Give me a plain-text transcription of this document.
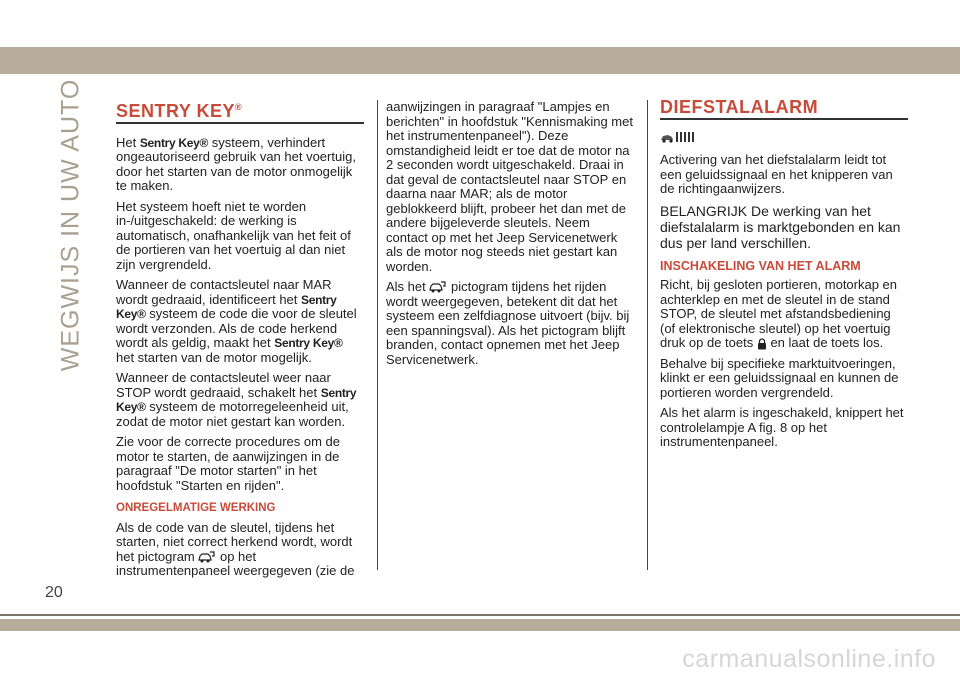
WEGWIJS IN UW AUTO SENTRY KEY®

Het Sentry Key® systeem, verhindert ongeautoriseerd gebruik van het voertuig, door het starten van de motor onmogelijk te maken.

Het systeem hoeft niet te worden in-/uitgeschakeld: de werking is automatisch, onafhankelijk van het feit of de portieren van het voertuig al dan niet zijn vergrendeld.

Wanneer de contactsleutel naar MAR wordt gedraaid, identificeert het Sentry Key® systeem de code die voor de sleutel wordt verzonden. Als de code herkend wordt als geldig, maakt het Sentry Key® het starten van de motor mogelijk.

Wanneer de contactsleutel weer naar STOP wordt gedraaid, schakelt het Sentry Key® systeem de motorregeleenheid uit, zodat de motor niet gestart kan worden.

Zie voor de correcte procedures om de motor te starten, de aanwijzingen in de paragraaf "De motor starten" in het hoofdstuk "Starten en rijden".

ONREGELMATIGE WERKING

Als de code van de sleutel, tijdens het starten, niet correct herkend wordt, wordt het pictogram  op het instrumentenpaneel weergegeven (zie de

aanwijzingen in paragraaf "Lampjes en berichten" in hoofdstuk "Kennismaking met het instrumentenpaneel"). Deze omstandigheid leidt er toe dat de motor na 2 seconden wordt uitgeschakeld. Draai in dat geval de contactsleutel naar STOP en daarna naar MAR; als de motor geblokkeerd blijft, probeer het dan met de andere bijgeleverde sleutels. Neem contact op met het Jeep Servicenetwerk als de motor nog steeds niet gestart kan worden.

Als het  pictogram tijdens het rijden wordt weergegeven, betekent dit dat het systeem een zelfdiagnose uitvoert (bijv. bij een spanningsval). Als het pictogram blijft branden, contact opnemen met het Jeep Servicenetwerk.

DIEFSTALALARM

Activering van het diefstalalarm leidt tot een geluidssignaal en het knipperen van de richtingaanwijzers.

BELANGRIJK De werking van het diefstalalarm is marktgebonden en kan dus per land verschillen.

INSCHAKELING VAN HET ALARM

Richt, bij gesloten portieren, motorkap en achterklep en met de sleutel in de stand STOP, de sleutel met afstandsbediening (of elektronische sleutel) op het voertuig druk op de toets  en laat de toets los.

Behalve bij specifieke marktuitvoeringen, klinkt er een geluidssignaal en kunnen de portieren worden vergrendeld.

Als het alarm is ingeschakeld, knippert het controlelampje A fig. 8 op het instrumentenpaneel.

20
carmanualsonline.info
